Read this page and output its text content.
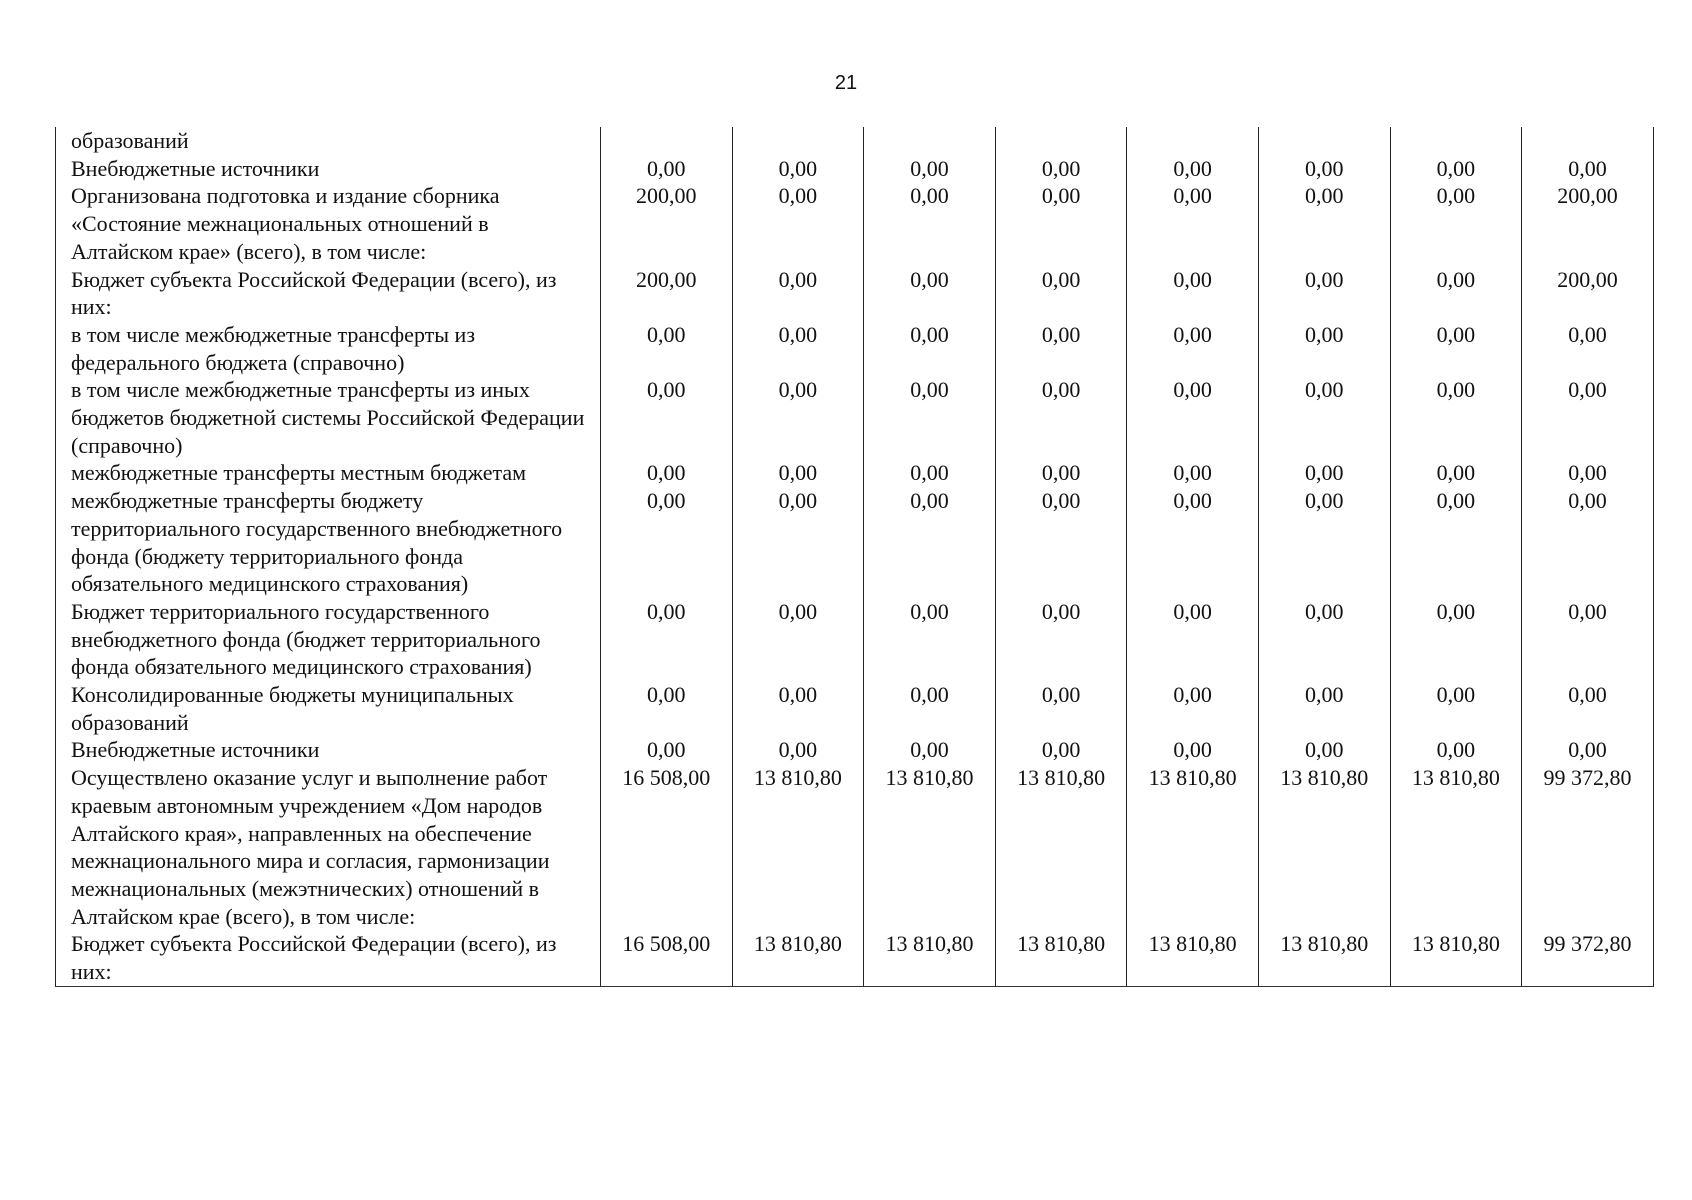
21
образований								
Внебюджетные источники	0,00	0,00	0,00	0,00	0,00	0,00	0,00	0,00
Организована подготовка и издание сборника «Состояние межнациональных отношений в Алтайском крае» (всего), в том числе:	200,00	0,00	0,00	0,00	0,00	0,00	0,00	200,00
Бюджет субъекта Российской Федерации (всего), из них:	200,00	0,00	0,00	0,00	0,00	0,00	0,00	200,00
в том числе межбюджетные трансферты из федерального бюджета (справочно)	0,00	0,00	0,00	0,00	0,00	0,00	0,00	0,00
в том числе межбюджетные трансферты из иных бюджетов бюджетной системы Российской Федерации (справочно)	0,00	0,00	0,00	0,00	0,00	0,00	0,00	0,00
межбюджетные трансферты местным бюджетам	0,00	0,00	0,00	0,00	0,00	0,00	0,00	0,00
межбюджетные трансферты бюджету территориального государственного внебюджетного фонда (бюджету территориального фонда обязательного медицинского страхования)	0,00	0,00	0,00	0,00	0,00	0,00	0,00	0,00
Бюджет территориального государственного внебюджетного фонда (бюджет территориального фонда обязательного медицинского страхования)	0,00	0,00	0,00	0,00	0,00	0,00	0,00	0,00
Консолидированные бюджеты муниципальных образований	0,00	0,00	0,00	0,00	0,00	0,00	0,00	0,00
Внебюджетные источники	0,00	0,00	0,00	0,00	0,00	0,00	0,00	0,00
Осуществлено оказание услуг и выполнение работ краевым автономным учреждением «Дом народов Алтайского края», направленных на обеспечение межнационального мира и согласия, гармонизации межнациональных (межэтнических) отношений в Алтайском крае (всего), в том числе:	16 508,00	13 810,80	13 810,80	13 810,80	13 810,80	13 810,80	13 810,80	99 372,80
Бюджет субъекта Российской Федерации (всего), из них:	16 508,00	13 810,80	13 810,80	13 810,80	13 810,80	13 810,80	13 810,80	99 372,80
